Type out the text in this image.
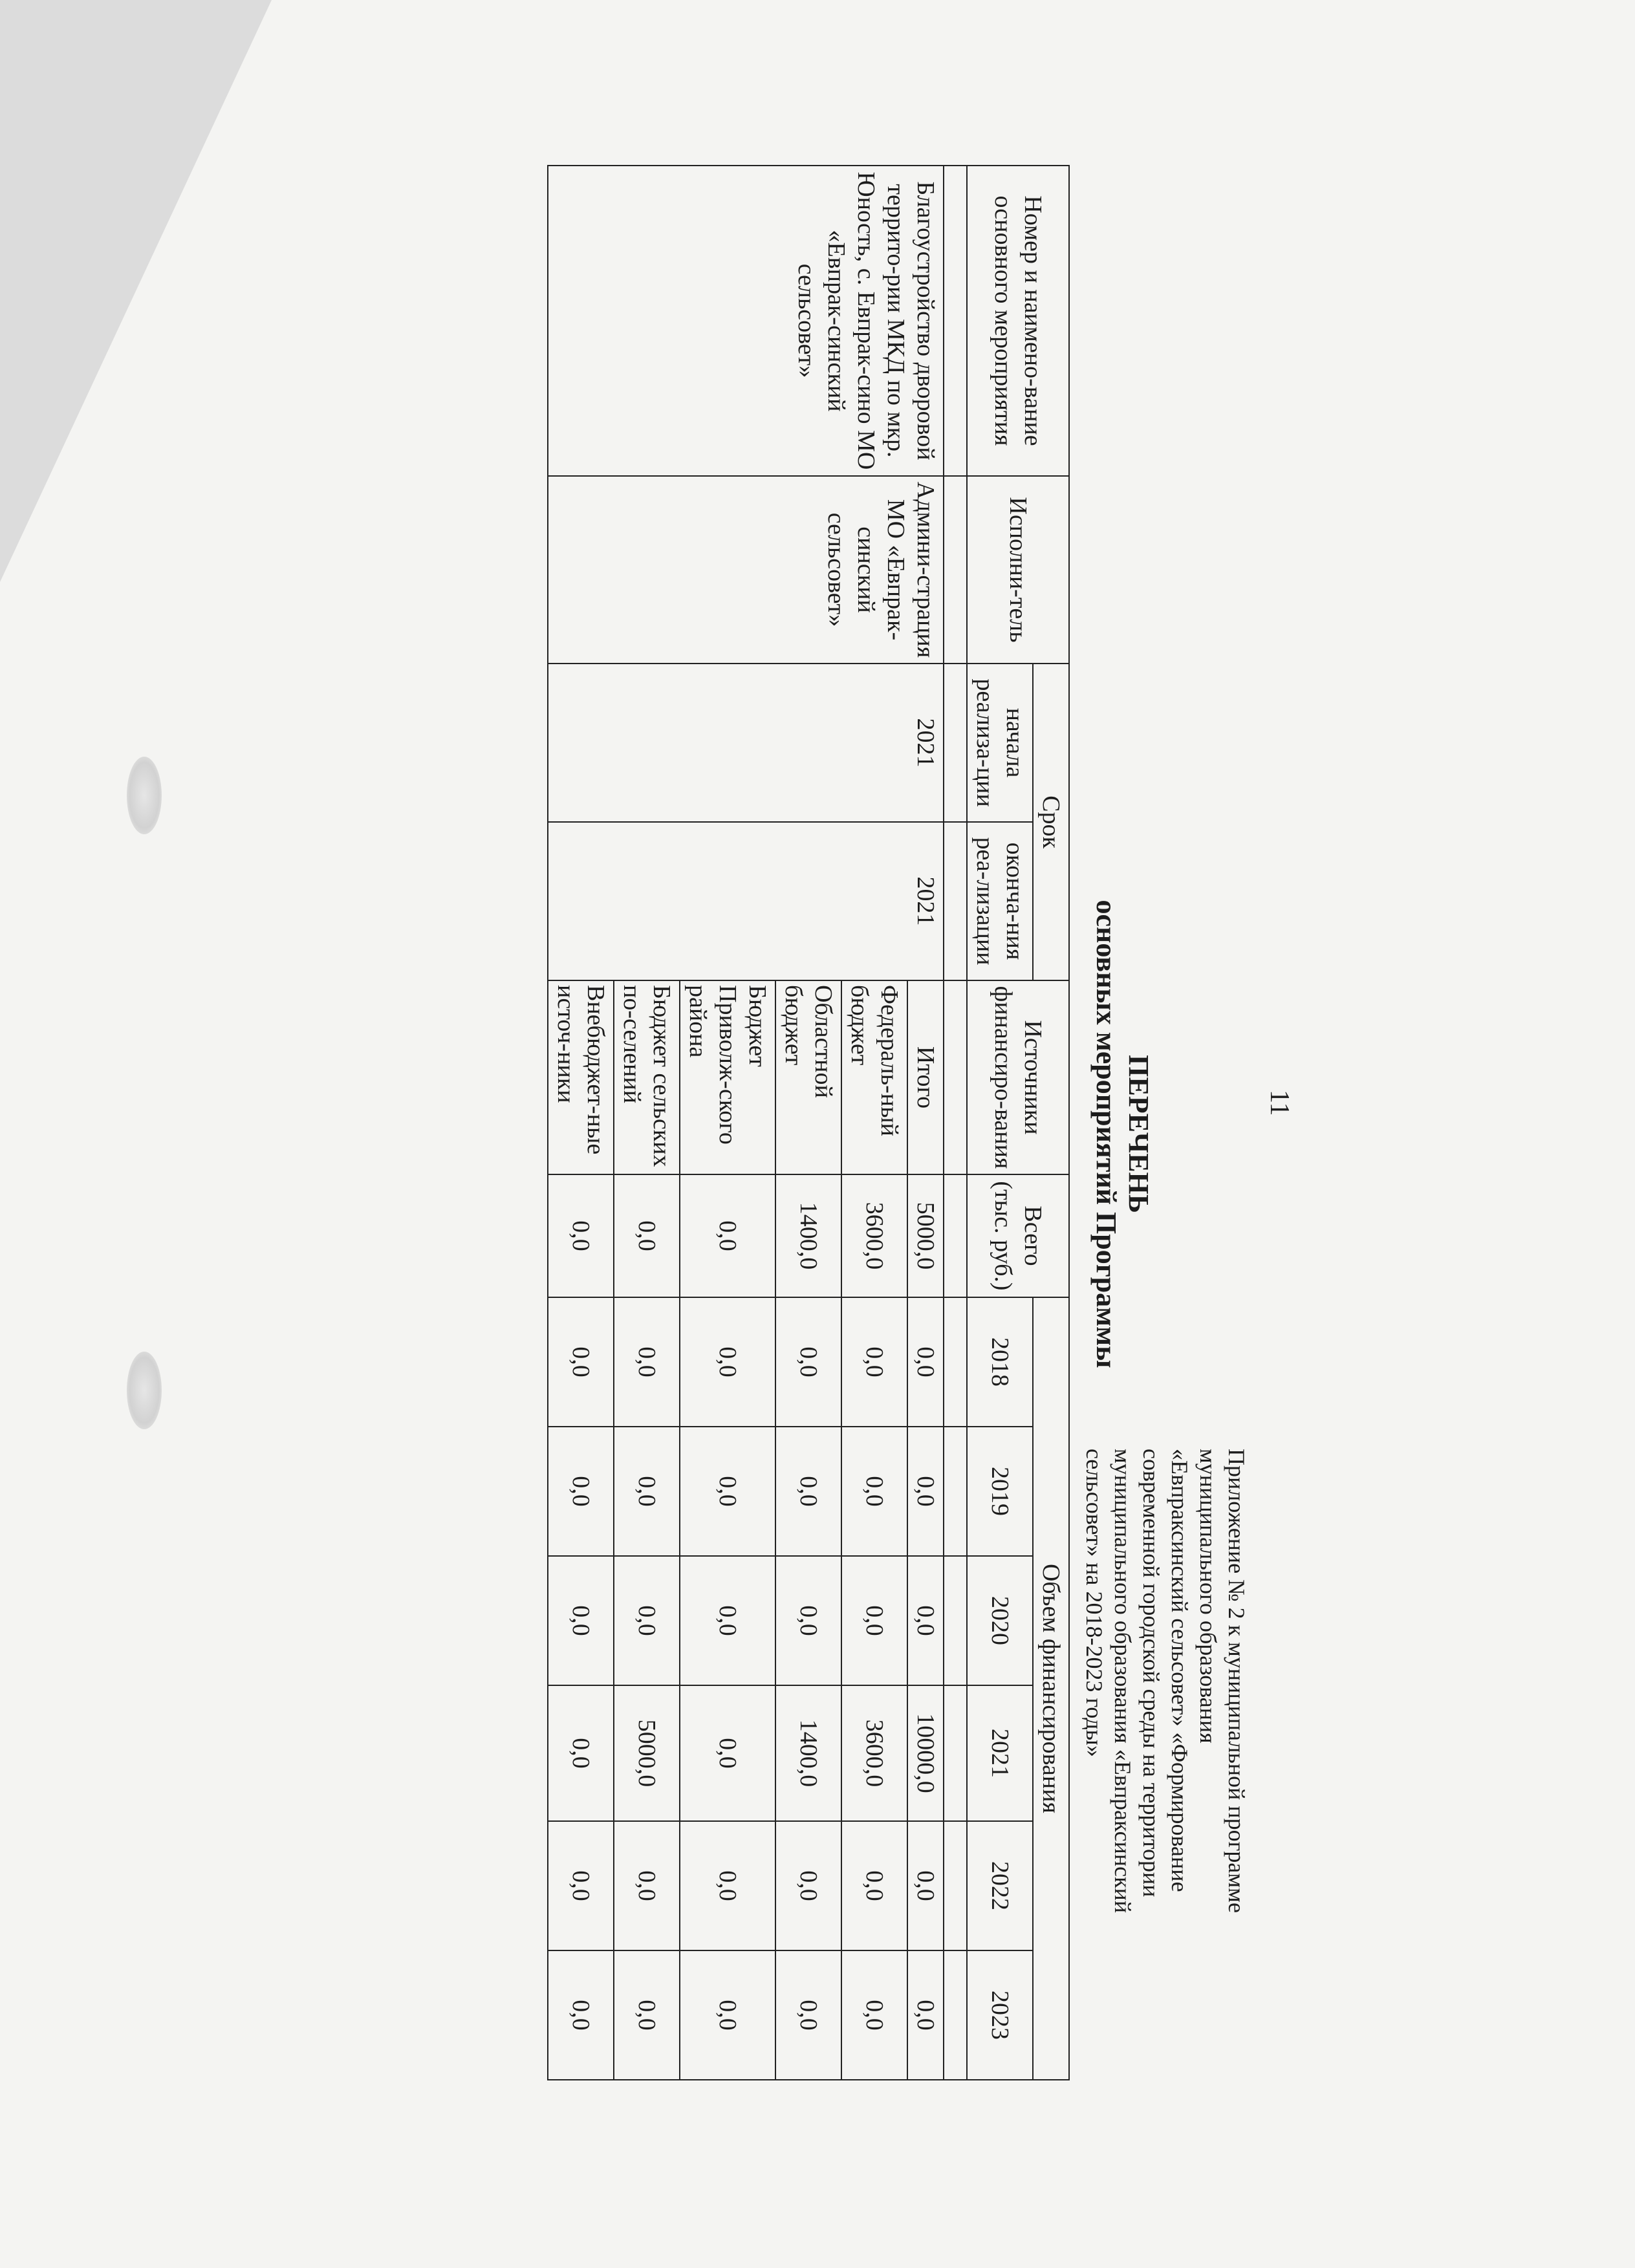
11
Приложение № 2 к муниципальной программе
муниципального образования
«Евпраксинский сельсовет» «Формирование
современной городской среды на территории
муниципального образования «Евпраксинский
сельсовет» на 2018-2023 годы»
ПЕРЕЧЕНЬ
основных мероприятий Программы
Номер и наимено-вание основного мероприятия	Исполни-тель	Срок		Источники финансиро-вания	Всего (тыс. руб.)	Объем финансирования					
		начала реализа-ции	оконча-ния реа-лизации			2018	2019	2020	2021	2022	2023

Благоустройство дворовой террито-рии МКД по мкр. Юность, с. Евпрак-сино МО «Евпрак-синский сельсовет»	Админи-страция МО «Евпрак-синский сельсовет»	2021	2021	Итого	5000,0	0,0	0,0	0,0	10000,0	0,0	0,0
				Федераль-ный бюджет	3600,0	0,0	0,0	0,0	3600,0	0,0	0,0
				Областной бюджет	1400,0	0,0	0,0	0,0	1400,0	0,0	0,0
				Бюджет Приволж-ского района	0,0	0,0	0,0	0,0	0,0	0,0	0,0
				Бюджет сельских по-селений	0,0	0,0	0,0	0,0	5000,0	0,0	0,0
				Внебюджет-ные источ-ники	0,0	0,0	0,0	0,0	0,0	0,0	0,0
